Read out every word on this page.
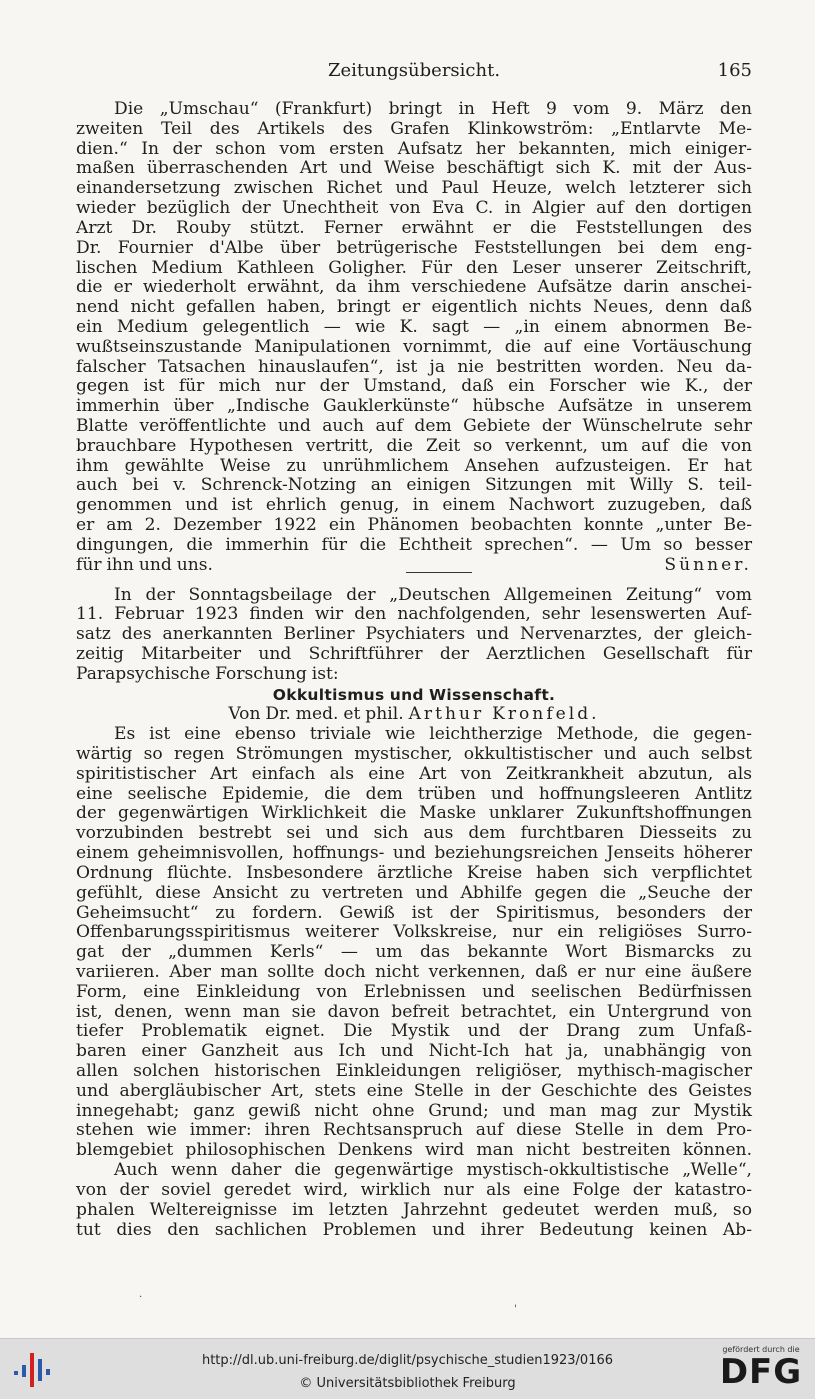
Zeitungsübersicht.	165

Die „Umschau“ (Frankfurt) bringt in Heft 9 vom 9. März den
zweiten Teil des Artikels des Grafen Klinkowström: „Entlarvte Me-
dien.“ In der schon vom ersten Aufsatz her bekannten, mich einiger-
maßen überraschenden Art und Weise beschäftigt sich K. mit der Aus-
einandersetzung zwischen Richet und Paul Heuze, welch letzterer sich
wieder bezüglich der Unechtheit von Eva C. in Algier auf den dortigen
Arzt Dr. Rouby stützt. Ferner erwähnt er die Feststellungen des
Dr. Fournier d'Albe über betrügerische Feststellungen bei dem eng-
lischen Medium Kathleen Goligher. Für den Leser unserer Zeitschrift,
die er wiederholt erwähnt, da ihm verschiedene Aufsätze darin anschei-
nend nicht gefallen haben, bringt er eigentlich nichts Neues, denn daß
ein Medium gelegentlich — wie K. sagt — „in einem abnormen Be-
wußtseinszustande Manipulationen vornimmt, die auf eine Vortäuschung
falscher Tatsachen hinauslaufen“, ist ja nie bestritten worden. Neu da-
gegen ist für mich nur der Umstand, daß ein Forscher wie K., der
immerhin über „Indische Gauklerkünste“ hübsche Aufsätze in unserem
Blatte veröffentlichte und auch auf dem Gebiete der Wünschelrute sehr
brauchbare Hypothesen vertritt, die Zeit so verkennt, um auf die von
ihm gewählte Weise zu unrühmlichem Ansehen aufzusteigen. Er hat
auch bei v. Schrenck-Notzing an einigen Sitzungen mit Willy S. teil-
genommen und ist ehrlich genug, in einem Nachwort zuzugeben, daß
er am 2. Dezember 1922 ein Phänomen beobachten konnte „unter Be-
dingungen, die immerhin für die Echtheit sprechen“. — Um so besser

für ihn und uns.	Sünner.

In der Sonntagsbeilage der „Deutschen Allgemeinen Zeitung“ vom
11. Februar 1923 finden wir den nachfolgenden, sehr lesenswerten Auf-
satz des anerkannten Berliner Psychiaters und Nervenarztes, der gleich-
zeitig Mitarbeiter und Schriftführer der Aerztlichen Gesellschaft für

Parapsychische Forschung ist:
Okkultismus und Wissenschaft.
Von Dr. med. et phil. Arthur Kronfeld.

Es ist eine ebenso triviale wie leichtherzige Methode, die gegen-
wärtig so regen Strömungen mystischer, okkultistischer und auch selbst
spiritistischer Art einfach als eine Art von Zeitkrankheit abzutun, als
eine seelische Epidemie, die dem trüben und hoffnungsleeren Antlitz
der gegenwärtigen Wirklichkeit die Maske unklarer Zukunftshoffnungen
vorzubinden bestrebt sei und sich aus dem furchtbaren Diesseits zu
einem geheimnisvollen, hoffnungs- und beziehungsreichen Jenseits höherer
Ordnung flüchte. Insbesondere ärztliche Kreise haben sich verpflichtet
gefühlt, diese Ansicht zu vertreten und Abhilfe gegen die „Seuche der
Geheimsucht“ zu fordern. Gewiß ist der Spiritismus, besonders der
Offenbarungsspiritismus weiterer Volkskreise, nur ein religiöses Surro-
gat der „dummen Kerls“ — um das bekannte Wort Bismarcks zu
variieren. Aber man sollte doch nicht verkennen, daß er nur eine äußere
Form, eine Einkleidung von Erlebnissen und seelischen Bedürfnissen
ist, denen, wenn man sie davon befreit betrachtet, ein Untergrund von
tiefer Problematik eignet. Die Mystik und der Drang zum Unfaß-
baren einer Ganzheit aus Ich und Nicht-Ich hat ja, unabhängig von
allen solchen historischen Einkleidungen religiöser, mythisch-magischer
und abergläubischer Art, stets eine Stelle in der Geschichte des Geistes
innegehabt; ganz gewiß nicht ohne Grund; und man mag zur Mystik
stehen wie immer: ihren Rechtsanspruch auf diese Stelle in dem Pro-
blemgebiet philosophischen Denkens wird man nicht bestreiten können.

Auch wenn daher die gegenwärtige mystisch-okkultistische „Welle“,
von der soviel geredet wird, wirklich nur als eine Folge der katastro-
phalen Weltereignisse im letzten Jahrzehnt gedeutet werden muß, so
tut dies den sachlichen Problemen und ihrer Bedeutung keinen Ab-

·
'
http://dl.ub.uni-freiburg.de/diglit/psychische_studien1923/0166
© Universitätsbibliothek Freiburg
gefördert durch die
DFG
